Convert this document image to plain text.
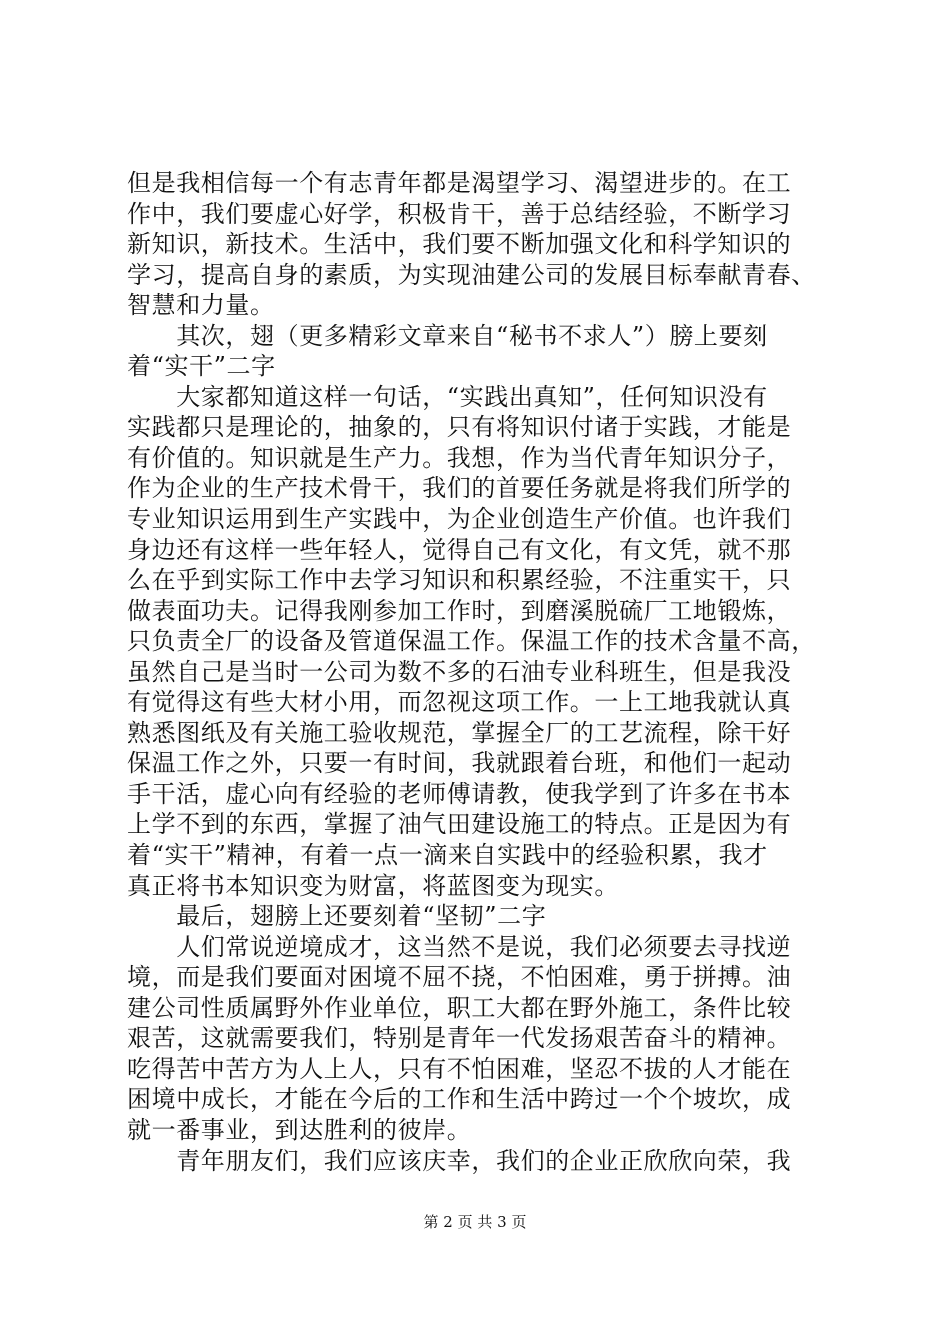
但是我相信每一个有志青年都是渴望学习、渴望进步的。在工
作中，我们要虚心好学，积极肯干，善于总结经验，不断学习
新知识，新技术。生活中，我们要不断加强文化和科学知识的
学习，提高自身的素质，为实现油建公司的发展目标奉献青春、
智慧和力量。
　　其次，翅（更多精彩文章来自“秘书不求人”）膀上要刻
着“实干”二字
　　大家都知道这样一句话，“实践出真知”，任何知识没有
实践都只是理论的，抽象的，只有将知识付诸于实践，才能是
有价值的。知识就是生产力。我想，作为当代青年知识分子，
作为企业的生产技术骨干，我们的首要任务就是将我们所学的
专业知识运用到生产实践中，为企业创造生产价值。也许我们
身边还有这样一些年轻人，觉得自己有文化，有文凭，就不那
么在乎到实际工作中去学习知识和积累经验，不注重实干，只
做表面功夫。记得我刚参加工作时，到磨溪脱硫厂工地锻炼，
只负责全厂的设备及管道保温工作。保温工作的技术含量不高，
虽然自己是当时一公司为数不多的石油专业科班生，但是我没
有觉得这有些大材小用，而忽视这项工作。一上工地我就认真
熟悉图纸及有关施工验收规范，掌握全厂的工艺流程，除干好
保温工作之外，只要一有时间，我就跟着台班，和他们一起动
手干活，虚心向有经验的老师傅请教，使我学到了许多在书本
上学不到的东西，掌握了油气田建设施工的特点。正是因为有
着“实干”精神，有着一点一滴来自实践中的经验积累，我才
真正将书本知识变为财富，将蓝图变为现实。
　　最后，翅膀上还要刻着“坚韧”二字
　　人们常说逆境成才，这当然不是说，我们必须要去寻找逆
境，而是我们要面对困境不屈不挠，不怕困难，勇于拼搏。油
建公司性质属野外作业单位，职工大都在野外施工，条件比较
艰苦，这就需要我们，特别是青年一代发扬艰苦奋斗的精神。
吃得苦中苦方为人上人，只有不怕困难，坚忍不拔的人才能在
困境中成长，才能在今后的工作和生活中跨过一个个坡坎，成
就一番事业，到达胜利的彼岸。
　　青年朋友们，我们应该庆幸，我们的企业正欣欣向荣，我
第 2 页 共 3 页
